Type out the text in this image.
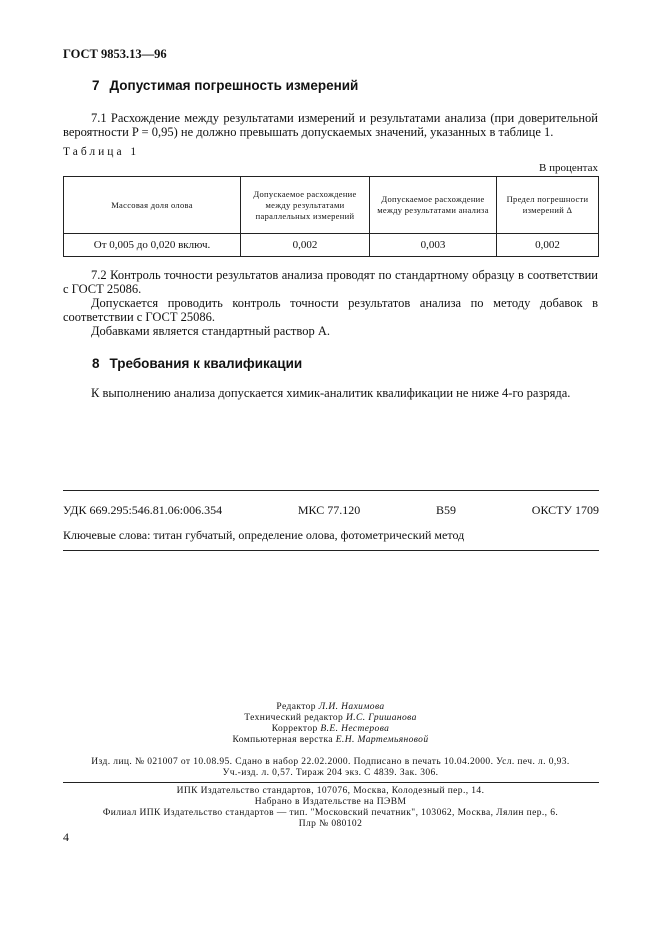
ГОСТ 9853.13—96
7 Допустимая погрешность измерений

7.1 Расхождение между результатами измерений и результатами анализа (при доверительной вероятности P = 0,95) не должно превышать допускаемых значений, указанных в таблице 1.

Таблица 1
В процентах
Массовая доля олова	Допускаемое расхождение между результатами параллельных измерений	Допускаемое расхождение между результатами анализа	Предел погрешности измерений Δ
От 0,005 до 0,020 включ.	0,002	0,003	0,002

7.2 Контроль точности результатов анализа проводят по стандартному образцу в соответствии с ГОСТ 25086.

Допускается проводить контроль точности результатов анализа по методу добавок в соответствии с ГОСТ 25086.

Добавками является стандартный раствор А.

8 Требования к квалификации

К выполнению анализа допускается химик-аналитик квалификации не ниже 4-го разряда.

УДК 669.295:546.81.06:006.354	МКС 77.120	В59	ОКСТУ 1709
Ключевые слова: титан губчатый, определение олова, фотометрический метод
Редактор Л.И. Нахимова
Технический редактор И.С. Гришанова
Корректор В.Е. Нестерова
Компьютерная верстка Е.Н. Мартемьяновой
Изд. лиц. № 021007 от 10.08.95. Сдано в набор 22.02.2000. Подписано в печать 10.04.2000. Усл. печ. л. 0,93.
Уч.-изд. л. 0,57. Тираж 204 экз. С 4839. Зак. 306.
ИПК Издательство стандартов, 107076, Москва, Колодезный пер., 14.
Набрано в Издательстве на ПЭВМ
Филиал ИПК Издательство стандартов — тип. "Московский печатник", 103062, Москва, Лялин пер., 6.
Плр № 080102
4
